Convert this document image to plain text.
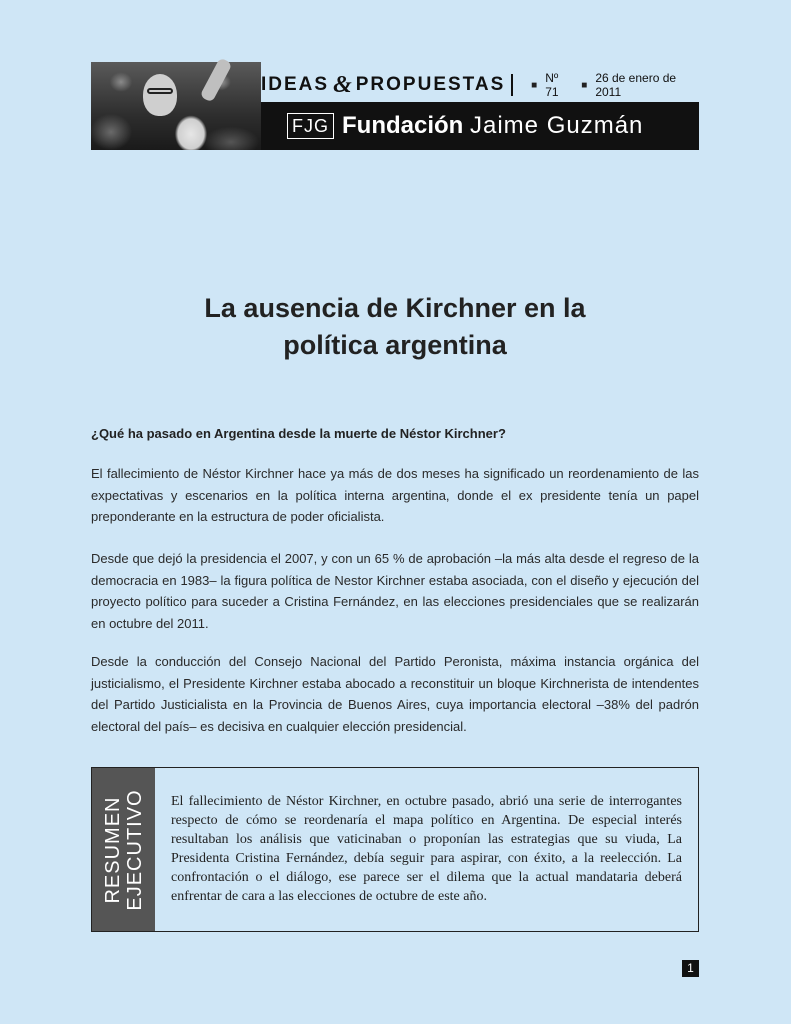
IDEAS & PROPUESTAS	■ Nº 71	■ 26 de enero de 2011
FJG Fundación Jaime Guzmán
La ausencia de Kirchner en la
política argentina
¿Qué ha pasado en Argentina desde la muerte de Néstor Kirchner?
El fallecimiento de Néstor Kirchner hace ya más de dos meses ha significado un reordenamiento de las expectativas y escenarios en la política interna argentina, donde el ex presidente tenía un papel preponderante en la estructura de poder oficialista.
Desde que dejó la presidencia el 2007, y con un 65 % de aprobación –la más alta desde el regreso de la democracia en 1983– la figura política de Nestor Kirchner estaba asociada, con el diseño y ejecución del proyecto político para suceder a Cristina Fernández, en las elecciones presidenciales que se realizarán en octubre del 2011.
Desde la conducción del Consejo Nacional del Partido Peronista, máxima instancia orgánica del justicialismo, el Presidente Kirchner estaba abocado a reconstituir un bloque Kirchnerista de intendentes del Partido Justicialista en la Provincia de Buenos Aires, cuya importancia electoral –38% del padrón electoral del país– es decisiva en cualquier elección presidencial.
RESUMEN EJECUTIVO	El fallecimiento de Néstor Kirchner, en octubre pasado, abrió una serie de interrogantes respecto de cómo se reordenaría el mapa político en Argentina. De especial interés resultaban los análisis que vaticinaban o proponían las estrategias que su viuda, La Presidenta Cristina Fernández, debía seguir para aspirar, con éxito, a la reelección. La confrontación o el diálogo, ese parece ser el dilema que la actual mandataria deberá enfrentar de cara a las elecciones de octubre de este año.
1
